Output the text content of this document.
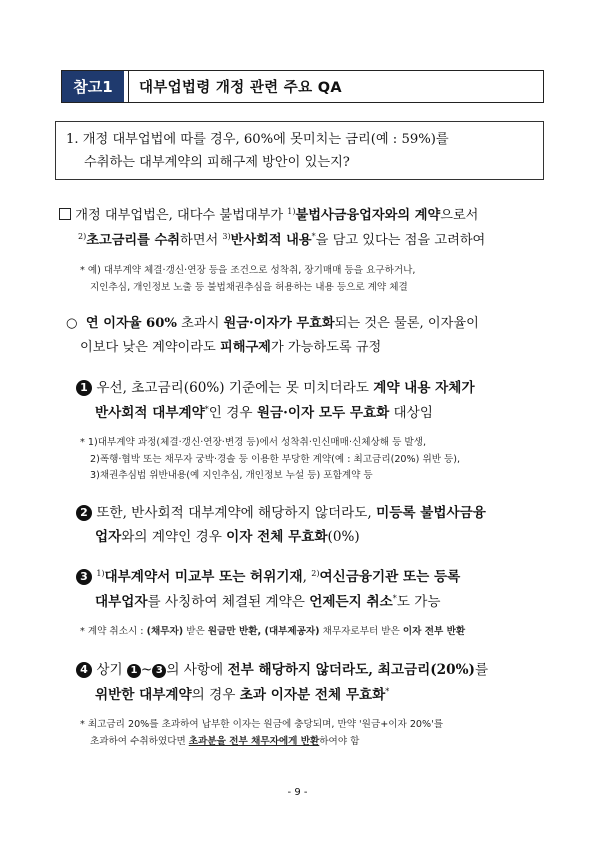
참고1	대부업법령 개정 관련 주요 QA
1. 개정 대부업법에 따를 경우, 60%에 못미치는 금리(예 : 59%)를
수취하는 대부계약의 피해구제 방안이 있는지?
개정 대부업법은, 대다수 불법대부가 $^{1)}$불법사금융업자와의 계약으로서
$^{2)}$초고금리를 수취하면서 $^{3)}$반사회적 내용*을 담고 있다는 점을 고려하여
* 예) 대부계약 체결·갱신·연장 등을 조건으로 성착취, 장기매매 등을 요구하거나,
지인추심, 개인정보 노출 등 불법채권추심을 허용하는 내용 등으로 계약 체결
○ 연 이자율 60% 초과시 원금·이자가 무효화되는 것은 물론, 이자율이
이보다 낮은 계약이라도 피해구제가 가능하도록 규정
1 우선, 초고금리(60%) 기준에는 못 미치더라도 계약 내용 자체가
반사회적 대부계약*인 경우 원금·이자 모두 무효화 대상임
* 1)대부계약 과정(체결·갱신·연장·변경 등)에서 성착취·인신매매·신체상해 등 발생,
2)폭행·협박 또는 채무자 궁박·경솔 등 이용한 부당한 계약(예 : 최고금리(20%) 위반 등),
3)채권추심법 위반내용(예 지인추심, 개인정보 누설 등) 포함계약 등
2 또한, 반사회적 대부계약에 해당하지 않더라도, 미등록 불법사금융
업자와의 계약인 경우 이자 전체 무효화(0%)
3 $^{1)}$대부계약서 미교부 또는 허위기재, $^{2)}$여신금융기관 또는 등록
대부업자를 사칭하여 체결된 계약은 언제든지 취소*도 가능
* 계약 취소시 : (채무자) 받은 원금만 반환, (대부제공자) 채무자로부터 받은 이자 전부 반환
4 상기 1 ~ 3 의 사항에 전부 해당하지 않더라도, 최고금리(20%)를
위반한 대부계약의 경우 초과 이자분 전체 무효화*
* 최고금리 20%를 초과하여 납부한 이자는 원금에 충당되며, 만약 '원금+이자 20%'를
초과하여 수취하였다면 초과분을 전부 채무자에게 반환하여야 함
- 9 -
